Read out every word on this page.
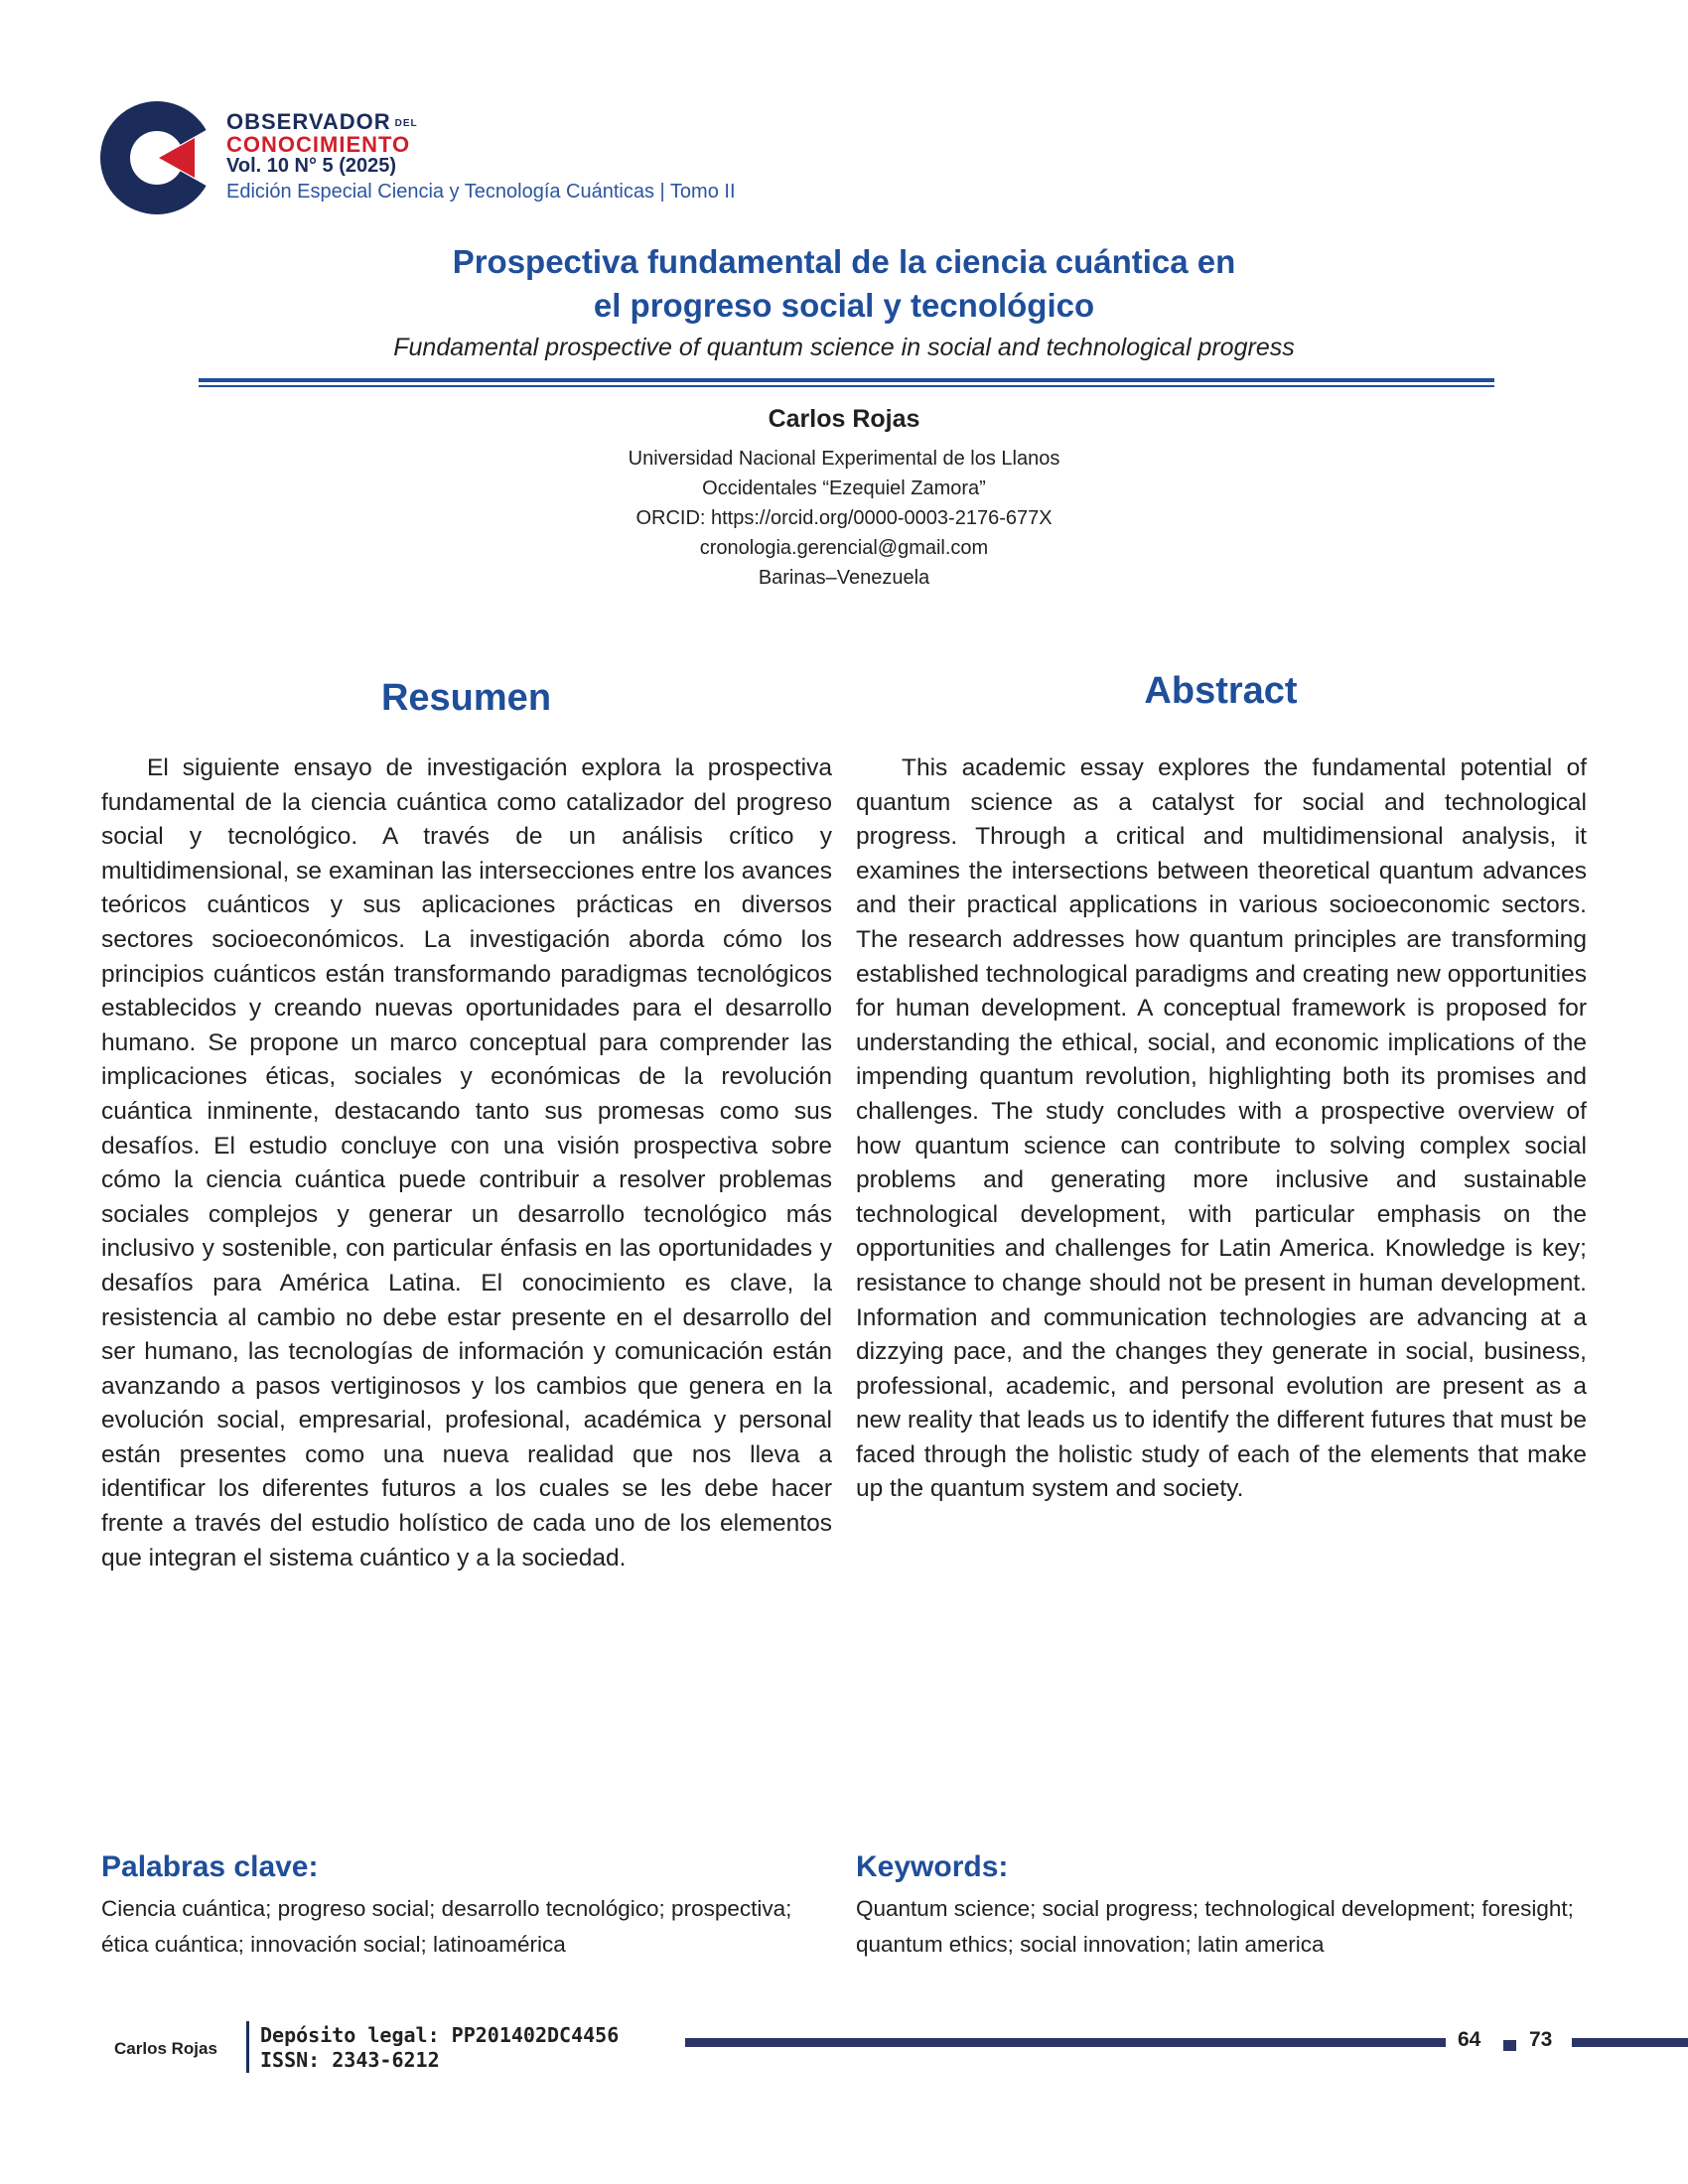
OBSERVADOR DEL
CONOCIMIENTO
Vol. 10 N° 5 (2025)
Edición Especial Ciencia y Tecnología Cuánticas | Tomo II
Prospectiva fundamental de la ciencia cuántica en
el progreso social y tecnológico
Fundamental prospective of quantum science in social and technological progress
Carlos Rojas
Universidad Nacional Experimental de los Llanos
Occidentales “Ezequiel Zamora”
ORCID: https://orcid.org/0000-0003-2176-677X
cronologia.gerencial@gmail.com
Barinas–Venezuela
Resumen	Abstract

El siguiente ensayo de investigación explora la prospectiva fundamental de la ciencia cuántica como catalizador del progreso social y tecnológico. A través de un análisis crítico y multidimensional, se examinan las intersecciones entre los avances teóricos cuánticos y sus aplicaciones prácticas en diversos sectores socioeconómicos. La investigación aborda cómo los principios cuánticos están transformando paradigmas tecnológicos establecidos y creando nuevas oportunidades para el desarrollo humano. Se propone un marco conceptual para comprender las implicaciones éticas, sociales y económicas de la revolución cuántica inminente, destacando tanto sus promesas como sus desafíos. El estudio concluye con una visión prospectiva sobre cómo la ciencia cuántica puede contribuir a resolver problemas sociales complejos y generar un desarrollo tecnológico más inclusivo y sostenible, con particular énfasis en las oportunidades y desafíos para América Latina. El conocimiento es clave, la resistencia al cambio no debe estar presente en el desarrollo del ser humano, las tecnologías de información y comunicación están avanzando a pasos vertiginosos y los cambios que genera en la evolución social, empresarial, profesional, académica y personal están presentes como una nueva realidad que nos lleva a identificar los diferentes futuros a los cuales se les debe hacer frente a través del estudio holístico de cada uno de los elementos que integran el sistema cuántico y a la sociedad.

This academic essay explores the fundamental potential of quantum science as a catalyst for social and technological progress. Through a critical and multidimensional analysis, it examines the intersections between theoretical quantum advances and their practical applications in various socioeconomic sectors. The research addresses how quantum principles are transforming established technological paradigms and creating new opportunities for human development. A conceptual framework is proposed for understanding the ethical, social, and economic implications of the impending quantum revolution, highlighting both its promises and challenges. The study concludes with a prospective overview of how quantum science can contribute to solving complex social problems and generating more inclusive and sustainable technological development, with particular emphasis on the opportunities and challenges for Latin America. Knowledge is key; resistance to change should not be present in human development. Information and communication technologies are advancing at a dizzying pace, and the changes they generate in social, business, professional, academic, and personal evolution are present as a new reality that leads us to identify the different futures that must be faced through the holistic study of each of the elements that make up the quantum system and society.

Palabras clave:	Keywords:
Ciencia cuántica; progreso social; desarrollo tecnológico; prospectiva; ética cuántica; innovación social; latinoamérica
Quantum science; social progress; technological development; foresight; quantum ethics; social innovation; latin america
Carlos Rojas
Depósito legal: PP201402DC4456
ISSN: 2343-6212
64 73
